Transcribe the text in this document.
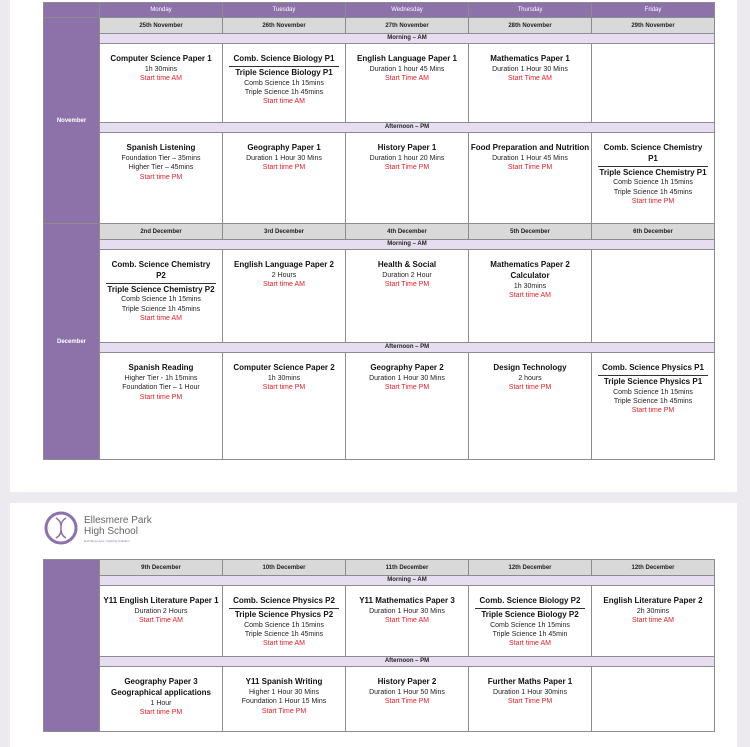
	Monday	Tuesday	Wednesday	Thursday	Friday
November	25th November	26th November	27th November	28th November	29th November
	Morning – AM				

	Computer Science Paper 1
1h 30mins
Start time AM	Comb. Science Biology P1
Triple Science Biology P1
Comb Science 1h 15mins
Triple Science 1h 45mins
Start time AM	English Language Paper 1
Duration 1 hour 45 Mins
Start Time AM	Mathematics Paper 1
Duration 1 Hour 30 Mins
Start Time AM	

	Afternoon – PM				

	Spanish Listening
Foundation Tier – 35mins
Higher Tier – 45mins
Start time PM	Geography Paper 1
Duration 1 Hour 30 Mins
Start time PM	History Paper 1
Duration 1 hour 20 Mins
Start Time PM	Food Preparation and Nutrition
Duration 1 Hour 45 Mins
Start Time PM	Comb. Science Chemistry P1
Triple Science Chemistry P1
Comb Science 1h 15mins
Triple Science 1h 45mins
Start time PM

December	2nd December	3rd December	4th December	5th December	6th December
	Morning – AM				

	Comb. Science Chemistry P2
Triple Science Chemistry P2
Comb Science 1h 15mins
Triple Science 1h 45mins
Start time AM	English Language Paper 2
2 Hours
Start time AM	Health & Social
Duration 2 Hour
Start Time PM	Mathematics Paper 2
Calculator
1h 30mins
Start time AM	

	Afternoon – PM				

	Spanish Reading
Higher Tier - 1h 15mins
Foundation Tier – 1 Hour
Start time PM	Computer Science Paper 2
1h 30mins
Start time PM	Geography Paper 2
Duration 1 Hour 30 Mins
Start Time PM	Design Technology
2 hours
Start time PM	Comb. Science Physics P1
Triple Science Physics P1
Comb Science 1h 15mins
Triple Science 1h 45mins
Start time PM
Ellesmere Park
High School
Enriching Lives, Inspiring Ambition
	9th December	10th December	11th December	12th December	12th December
	Morning – AM				

	Y11 English Literature Paper 1
Duration 2 Hours
Start Time AM	Comb. Science Physics P2
Triple Science Physics P2
Comb Science 1h 15mins
Triple Science 1h 45mins
Start time AM	Y11 Mathematics Paper 3
Duration 1 Hour 30 Mins
Start Time AM	Comb. Science Biology P2
Triple Science Biology P2
Comb Science 1h 15mins
Triple Science 1h 45min
Start time AM	English Literature Paper 2
2h 30mins
Start time AM

	Afternoon – PM				

	Geography Paper 3
Geographical applications
1 Hour
Start time PM	Y11 Spanish Writing
Higher 1 Hour 30 Mins
Foundation 1 Hour 15 Mins
Start Time PM	History Paper 2
Duration 1 Hour 50 Mins
Start Time PM	Further Maths Paper 1
Duration 1 Hour 30mins
Start Time PM	
